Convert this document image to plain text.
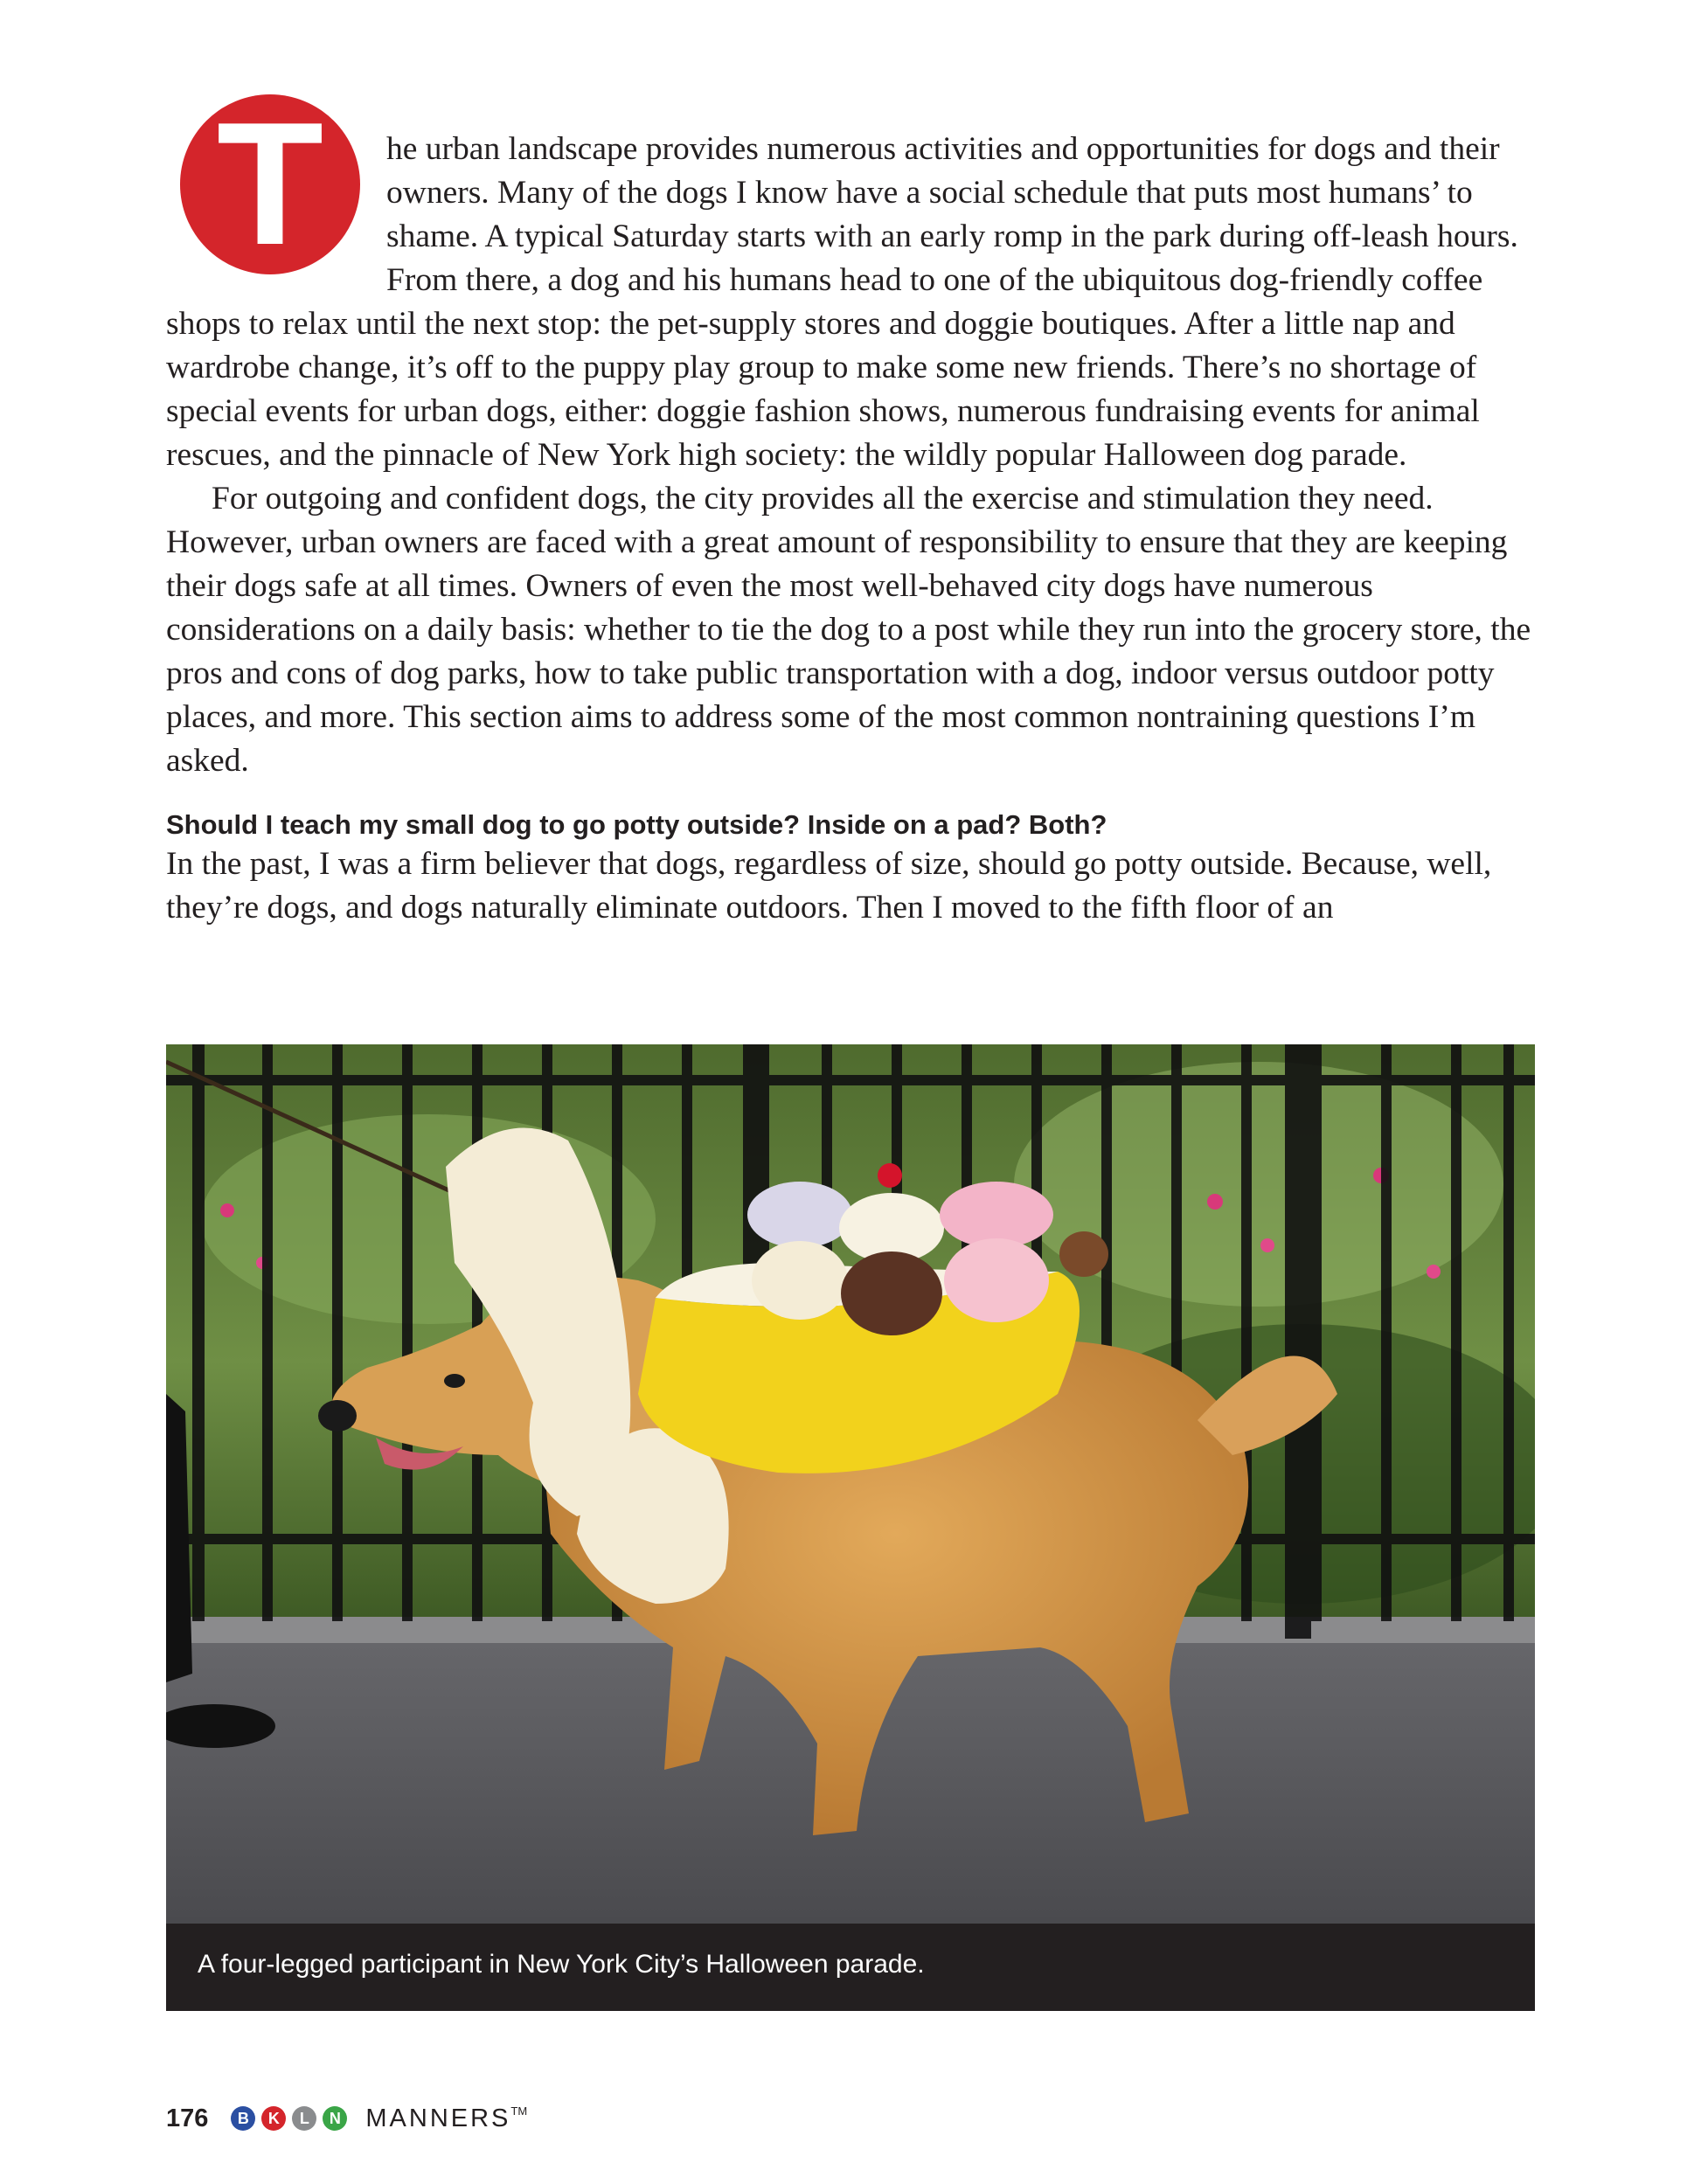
T	he urban landscape provides numerous activities and opportunities for dogs and their owners. Many of the dogs I know have a social schedule that puts most humans’ to shame. A typical Saturday starts with an early romp in the park during off-leash hours. From there, a dog and his humans head to one of the ubiquitous dog-friendly coffee shops to relax until the next stop: the pet-supply stores and doggie boutiques. After a little nap and wardrobe change, it’s off to the puppy play group to make some new friends. There’s no shortage of special events for urban dogs, either: doggie fashion shows, numerous fundraising events for animal rescues, and the pinnacle of New York high society: the wildly popular Halloween dog parade.

For outgoing and confident dogs, the city provides all the exercise and stimulation they need. However, urban owners are faced with a great amount of responsibility to ensure that they are keeping their dogs safe at all times. Owners of even the most well-behaved city dogs have numerous considerations on a daily basis: whether to tie the dog to a post while they run into the grocery store, the pros and cons of dog parks, how to take public transportation with a dog, indoor versus outdoor potty places, and more. This section aims to address some of the most common nontraining questions I’m asked.

Should I teach my small dog to go potty outside? Inside on a pad? Both?

In the past, I was a firm believer that dogs, regardless of size, should go potty outside. Because, well, they’re dogs, and dogs naturally eliminate outdoors. Then I moved to the fifth floor of an

A four-legged participant in New York City’s Halloween parade.
176	B	K	L	N MANNERS™
